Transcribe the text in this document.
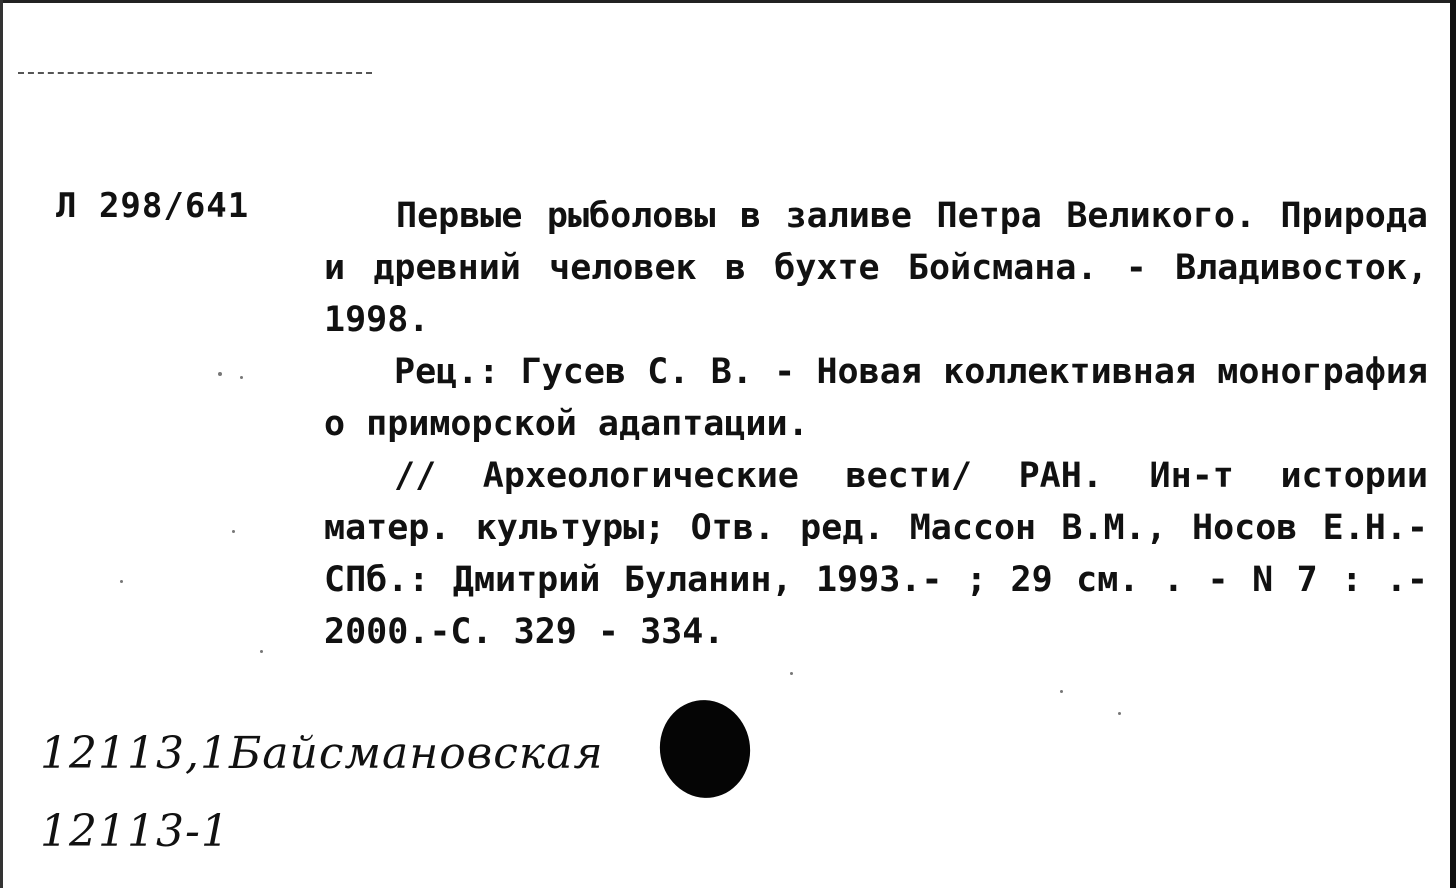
Л 298/641	Первые рыболовы в заливе Петра Великого. Природа и древний человек в бухте Бойсмана. - Владивосток, 1998.

Рец.: Гусев С. В. - Новая коллективная монография о приморской адаптации.

// Археологические вести/ РАН. Ин-т истории матер. культуры; Отв. ред. Массон В.М., Носов Е.Н.- СПб.: Дмитрий Буланин, 1993.- ; 29 см. . - N 7 : .- 2000.-С. 329 - 334.

12113,1Байсмановская
12113-1
